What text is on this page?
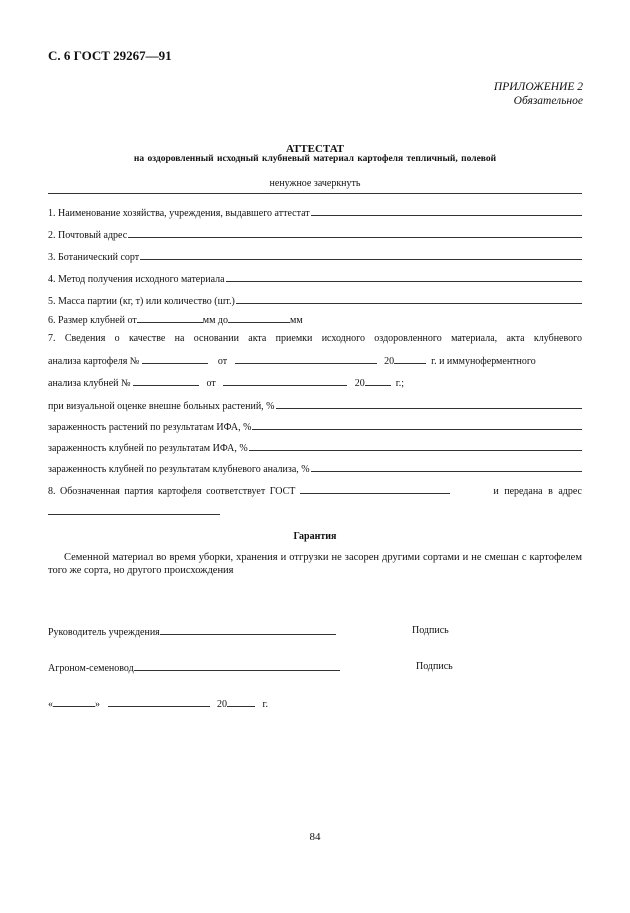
С. 6 ГОСТ 29267—91
ПРИЛОЖЕНИЕ 2
Обязательное
АТТЕСТАТ
на оздоровленный исходный клубневый материал картофеля тепличный, полевой
ненужное зачеркнуть
1. Наименование хозяйства, учреждения, выдавшего аттестат
2. Почтовый адрес
3. Ботанический сорт
4. Метод получения исходного материала
5. Масса партии (кг, т) или количество (шт.)
6. Размер клубней от	мм до	мм
7. Сведения о качестве на основании акта приемки исходного оздоровленного материала, акта клубневого
анализа картофеля №	от	20	г. и иммуноферментного
анализа клубней №	от	20	г.;
при визуальной оценке внешне больных растений, %
зараженность растений по результатам ИФА, %
зараженность клубней по результатам ИФА, %
зараженность клубней по результатам клубневого анализа, %
8. Обозначенная партия картофеля соответствует ГОСТ	и передана в адрес
Гарантия
Семенной материал во время уборки, хранения и отгрузки не засорен другими сортами и не смешан с картофелем того же сорта, но другого происхождения
Руководитель учреждения	Подпись
Агроном-семеновод	Подпись
«	»	20	г.
84
